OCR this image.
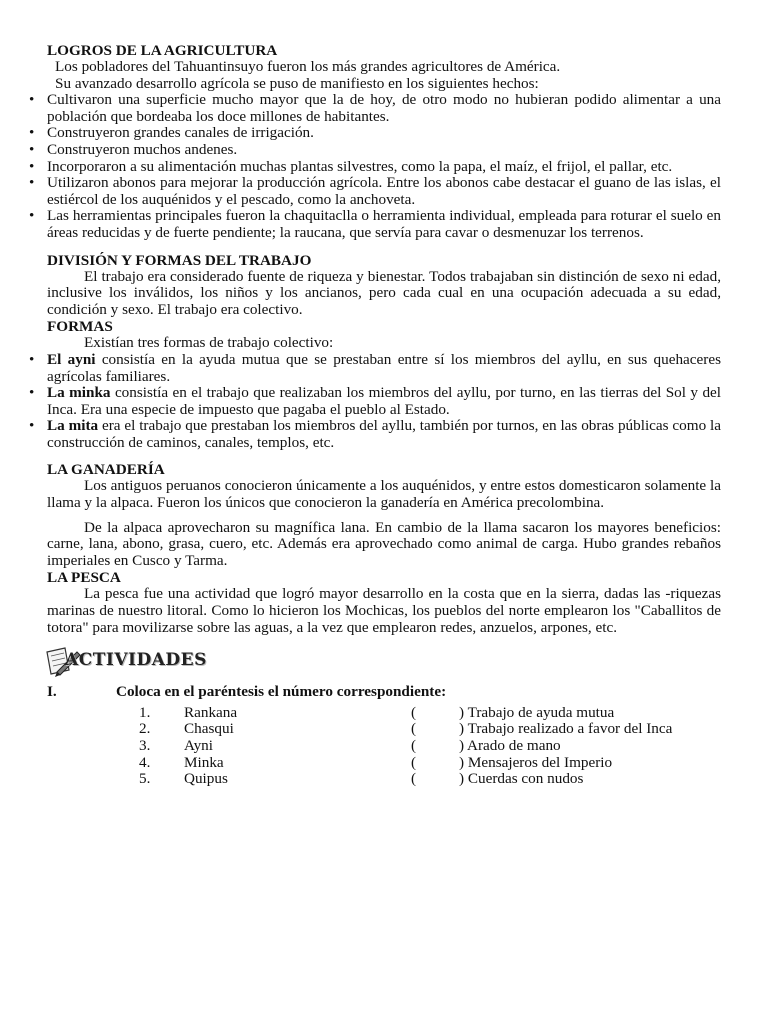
LOGROS DE LA AGRICULTURA

Los pobladores del Tahuantinsuyo fueron los más grandes agricultores de América.

Su avanzado desarrollo agrícola se puso de manifiesto en los siguientes hechos:

• Cultivaron una superficie mucho mayor que la de hoy, de otro modo no hubieran podido alimentar a una población que bordeaba los doce millones de habitantes.
• Construyeron grandes canales de irrigación.
• Construyeron muchos andenes.
• Incorporaron a su alimentación muchas plantas silvestres, como la papa, el maíz, el frijol, el pallar, etc.
• Utilizaron abonos para mejorar la producción agrícola. Entre los abonos cabe destacar el guano de las islas, el estiércol de los auquénidos y el pescado, como la anchoveta.
• Las herramientas principales fueron la chaquitaclla o herramienta individual, empleada para roturar el suelo en áreas reducidas y de fuerte pendiente; la raucana, que servía para cavar o desmenuzar los terrenos.
DIVISIÓN Y FORMAS DEL TRABAJO

El trabajo era considerado fuente de riqueza y bienestar. Todos trabajaban sin distinción de sexo ni edad, inclusive los inválidos, los niños y los ancianos, pero cada cual en una ocupación adecuada a su edad, condición y sexo. El trabajo era colectivo.

FORMAS

Existían tres formas de trabajo colectivo:

• El ayni consistía en la ayuda mutua que se prestaban entre sí los miembros del ayllu, en sus quehaceres agrícolas familiares.
• La minka consistía en el trabajo que realizaban los miembros del ayllu, por turno, en las tierras del Sol y del Inca. Era una especie de impuesto que pagaba el pueblo al Estado.
• La mita era el trabajo que prestaban los miembros del ayllu, también por turnos, en las obras públicas como la construcción de caminos, canales, templos, etc.
LA GANADERÍA

Los antiguos peruanos conocieron únicamente a los auquénidos, y entre estos domesticaron solamente la llama y la alpaca. Fueron los únicos que conocieron la ganadería en América precolombina.

De la alpaca aprovecharon su magnífica lana. En cambio de la llama sacaron los mayores beneficios: carne, lana, abono, grasa, cuero, etc. Además era aprovechado como animal de carga. Hubo grandes rebaños imperiales en Cusco y Tarma.

LA PESCA

La pesca fue una actividad que logró mayor desarrollo en la costa que en la sierra, dadas las -riquezas marinas de nuestro litoral. Como lo hicieron los Mochicas, los pueblos del norte emplearon los "Caballitos de totora" para movilizarse sobre las aguas, a la vez que emplearon redes, anzuelos, arpones, etc.

ACTIVIDADES
I.	Coloca en el paréntesis el número correspondiente:
1.	Rankana	(	) Trabajo de ayuda mutua
2.	Chasqui	(	) Trabajo realizado a favor del Inca
3.	Ayni	(	) Arado de mano
4.	Minka	(	) Mensajeros del Imperio
5.	Quipus	(	) Cuerdas con nudos
